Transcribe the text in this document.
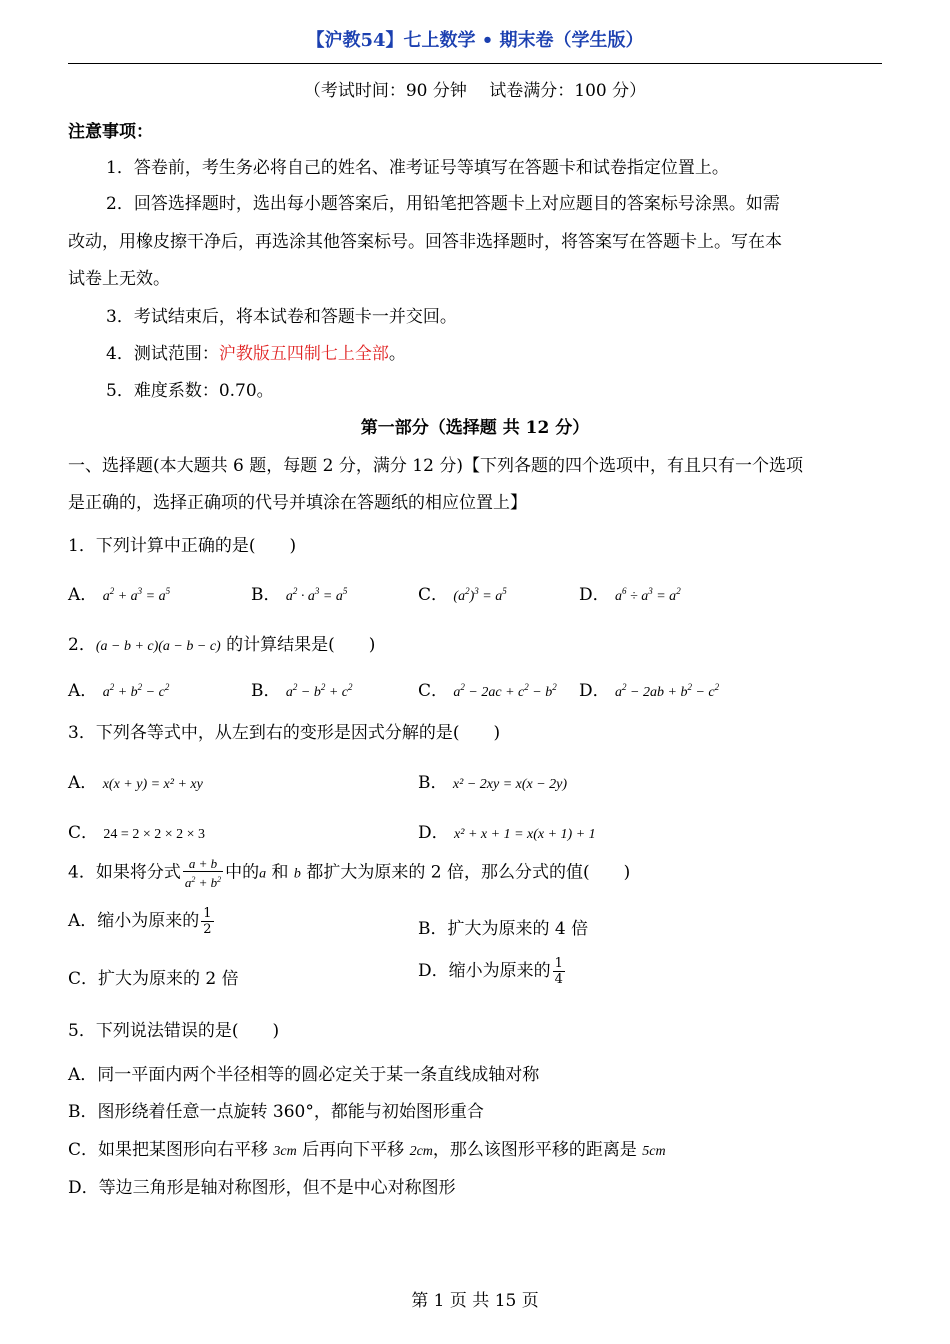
【沪教54】七上数学 • 期末卷（学生版）
（考试时间：90 分钟　 试卷满分：100 分）
注意事项：
1．答卷前，考生务必将自己的姓名、准考证号等填写在答题卡和试卷指定位置上。
2．回答选择题时，选出每小题答案后，用铅笔把答题卡上对应题目的答案标号涂黑。如需
改动，用橡皮擦干净后，再选涂其他答案标号。回答非选择题时，将答案写在答题卡上。写在本
试卷上无效。
3．考试结束后，将本试卷和答题卡一并交回。
4．测试范围：沪教版五四制七上全部。
5．难度系数：0.70。
第一部分（选择题 共 12 分）
一、选择题(本大题共 6 题，每题 2 分，满分 12 分)【下列各题的四个选项中，有且只有一个选项
是正确的，选择正确项的代号并填涂在答题纸的相应位置上】
1．下列计算中正确的是(　　)
A． $a^2 + a^3 = a^5$	B． $a^2 \cdot a^3 = a^5$	C． $(a^2)^3 = a^5$	D． $a^6 \div a^3 = a^2$
2．(a − b + c)(a − b − c) 的计算结果是(　　)
A． $a^2 + b^2 - c^2$	B． $a^2 - b^2 + c^2$	C． $a^2 - 2ac + c^2 - b^2$ D． $a^2 - 2ab + b^2 - c^2$
3．下列各等式中，从左到右的变形是因式分解的是(　　)
A． x(x + y) = x² + xy	B． x² − 2xy = x(x − 2y)
C． 24 = 2 × 2 × 2 × 3	D． x² + x + 1 = x(x + 1) + 1
4．如果将分式 $\frac{a + b}{a^2 + b^2}$ 中的a 和 b 都扩大为原来的 2 倍，那么分式的值(　　)
A．缩小为原来的 $\frac{1}{2}$	B．扩大为原来的 4 倍
C．扩大为原来的 2 倍	D．缩小为原来的 $\frac{1}{4}$
5．下列说法错误的是(　　)
A．同一平面内两个半径相等的圆必定关于某一条直线成轴对称
B．图形绕着任意一点旋转 360°，都能与初始图形重合
C．如果把某图形向右平移 3cm 后再向下平移 2cm，那么该图形平移的距离是 5cm
D．等边三角形是轴对称图形，但不是中心对称图形
第 1 页 共 15 页
